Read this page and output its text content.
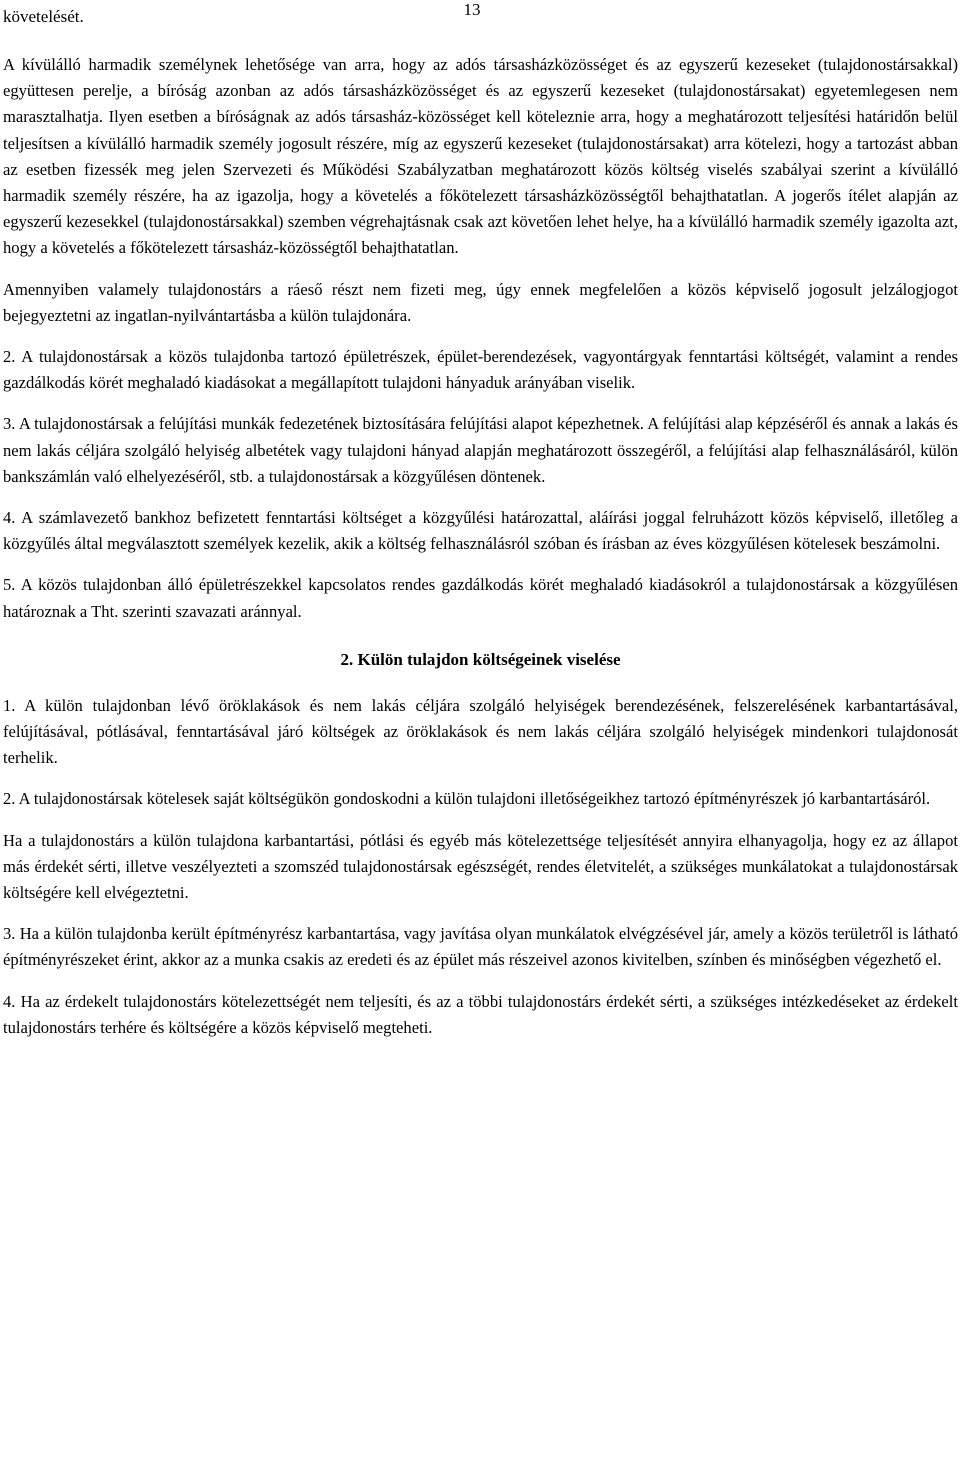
13
követelését.

A kívülálló harmadik személynek lehetősége van arra, hogy az adós társasházközösséget és az egyszerű kezeseket (tulajdonostársakkal) együttesen perelje, a bíróság azonban az adós társasházközösséget és az egyszerű kezeseket (tulajdonostársakat) egyetemlegesen nem marasztalhatja. Ilyen esetben a bíróságnak az adós társasház-közösséget kell köteleznie arra, hogy a meghatározott teljesítési határidőn belül teljesítsen a kívülálló harmadik személy jogosult részére, míg az egyszerű kezeseket (tulajdonostársakat) arra kötelezi, hogy a tartozást abban az esetben fizessék meg jelen Szervezeti és Működési Szabályzatban meghatározott közös költség viselés szabályai szerint a kívülálló harmadik személy részére, ha az igazolja, hogy a követelés a főkötelezett társasházközösségtől behajthatatlan. A jogerős ítélet alapján az egyszerű kezesekkel (tulajdonostársakkal) szemben végrehajtásnak csak azt követően lehet helye, ha a kívülálló harmadik személy igazolta azt, hogy a követelés a főkötelezett társasház-közösségtől behajthatatlan.

Amennyiben valamely tulajdonostárs a ráeső részt nem fizeti meg, úgy ennek megfelelően a közös képviselő jogosult jelzálogjogot bejegyeztetni az ingatlan-nyilvántartásba a külön tulajdonára.

2. A tulajdonostársak a közös tulajdonba tartozó épületrészek, épület-berendezések, vagyontárgyak fenntartási költségét, valamint a rendes gazdálkodás körét meghaladó kiadásokat a megállapított tulajdoni hányaduk arányában viselik.

3. A tulajdonostársak a felújítási munkák fedezetének biztosítására felújítási alapot képezhetnek. A felújítási alap képzéséről és annak a lakás és nem lakás céljára szolgáló helyiség albetétek vagy tulajdoni hányad alapján meghatározott összegéről, a felújítási alap felhasználásáról, külön bankszámlán való elhelyezéséről, stb. a tulajdonostársak a közgyűlésen döntenek.

4. A számlavezető bankhoz befizetett fenntartási költséget a közgyűlési határozattal, aláírási joggal felruházott közös képviselő, illetőleg a közgyűlés által megválasztott személyek kezelik, akik a költség felhasználásról szóban és írásban az éves közgyűlésen kötelesek beszámolni.

5. A közös tulajdonban álló épületrészekkel kapcsolatos rendes gazdálkodás körét meghaladó kiadásokról a tulajdonostársak a közgyűlésen határoznak a Tht. szerinti szavazati aránnyal.

2. Külön tulajdon költségeinek viselése

1. A külön tulajdonban lévő öröklakások és nem lakás céljára szolgáló helyiségek berendezésének, felszerelésének karbantartásával, felújításával, pótlásával, fenntartásával járó költségek az öröklakások és nem lakás céljára szolgáló helyiségek mindenkori tulajdonosát terhelik.

2. A tulajdonostársak kötelesek saját költségükön gondoskodni a külön tulajdoni illetőségeikhez tartozó építményrészek jó karbantartásáról.

Ha a tulajdonostárs a külön tulajdona karbantartási, pótlási és egyéb más kötelezettsége teljesítését annyira elhanyagolja, hogy ez az állapot más érdekét sérti, illetve veszélyezteti a szomszéd tulajdonostársak egészségét, rendes életvitelét, a szükséges munkálatokat a tulajdonostársak költségére kell elvégeztetni.

3. Ha a külön tulajdonba került építményrész karbantartása, vagy javítása olyan munkálatok elvégzésével jár, amely a közös területről is látható építményrészeket érint, akkor az a munka csakis az eredeti és az épület más részeivel azonos kivitelben, színben és minőségben végezhető el.

4. Ha az érdekelt tulajdonostárs kötelezettségét nem teljesíti, és az a többi tulajdonostárs érdekét sérti, a szükséges intézkedéseket az érdekelt tulajdonostárs terhére és költségére a közös képviselő megteheti.
